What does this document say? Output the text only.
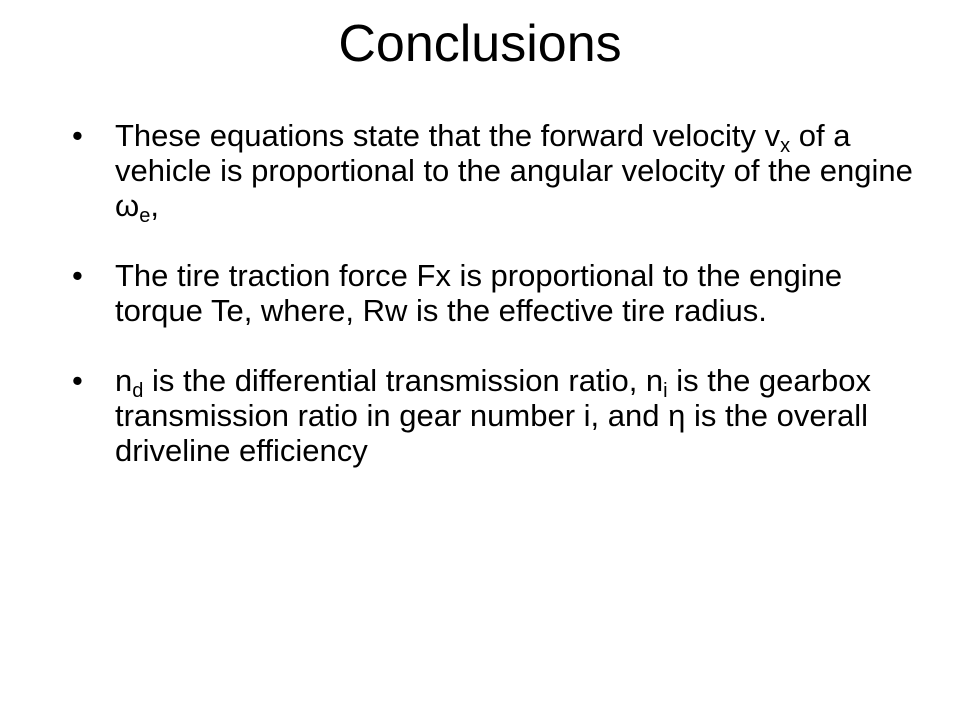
Conclusions
• These equations state that the forward velocity $v_x$ of a vehicle is proportional to the angular velocity of the engine $\omega_e$,
• The tire traction force Fx is proportional to the engine torque Te, where, Rw is the effective tire radius.
• $n_d$ is the differential transmission ratio, $n_i$ is the gearbox transmission ratio in gear number i, and η is the overall driveline efficiency
